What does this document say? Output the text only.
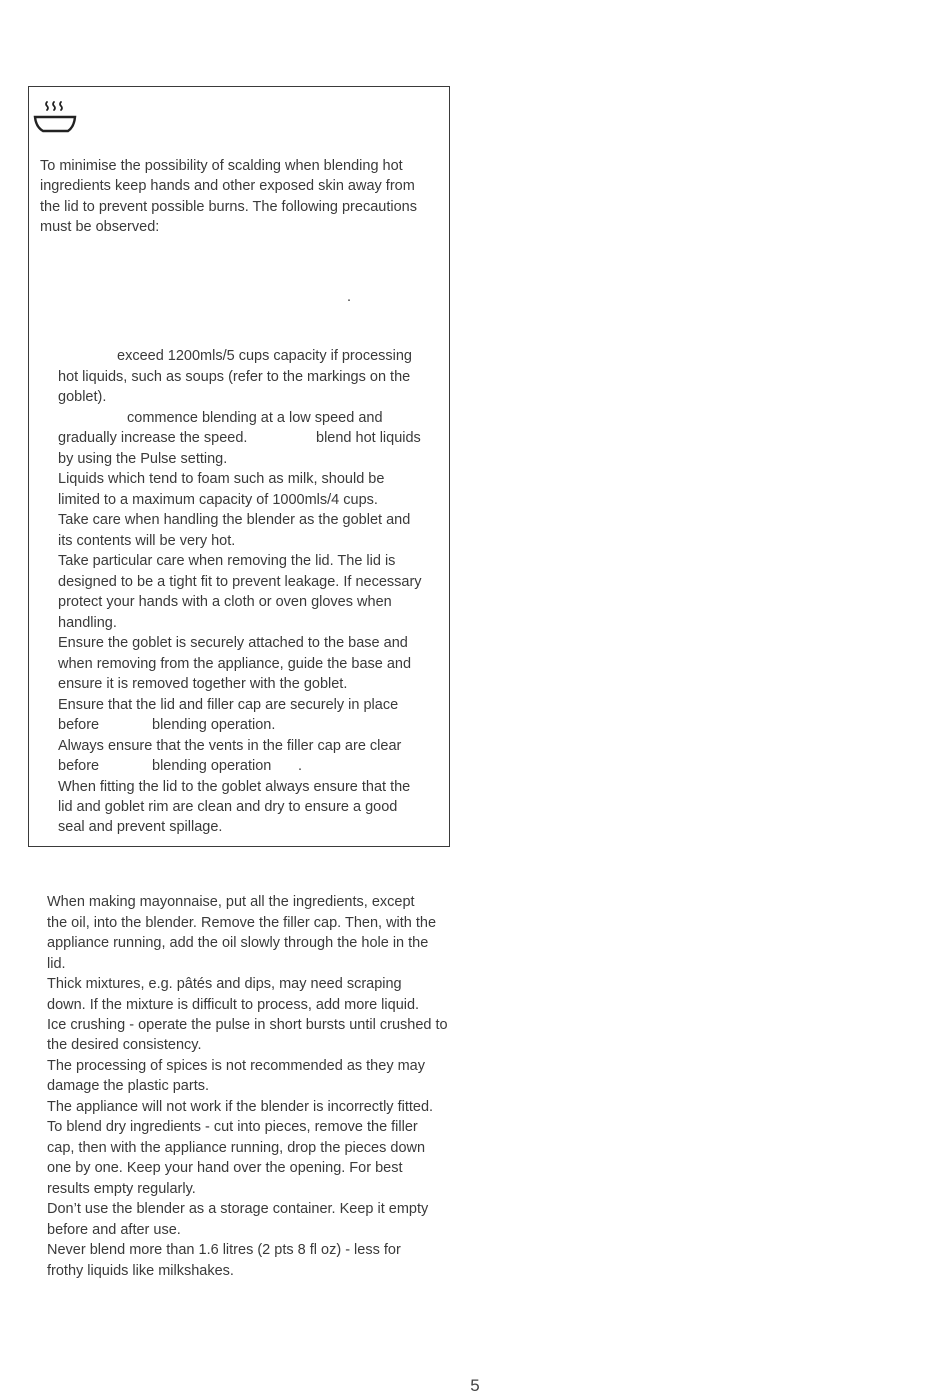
To minimise the possibility of scalding when blending hot
ingredients keep hands and other exposed skin away from
the lid to prevent possible burns. The following precautions
must be observed:
.
exceed 1200mls/5 cups capacity if processing
hot liquids, such as soups (refer to the markings on the
goblet).
commence blending at a low speed and
gradually increase the speed.	blend hot liquids
by using the Pulse setting.
Liquids which tend to foam such as milk, should be
limited to a maximum capacity of 1000mls/4 cups.
Take care when handling the blender as the goblet and
its contents will be very hot.
Take particular care when removing the lid. The lid is
designed to be a tight fit to prevent leakage. If necessary
protect your hands with a cloth or oven gloves when
handling.
Ensure the goblet is securely attached to the base and
when removing from the appliance, guide the base and
ensure it is removed together with the goblet.
Ensure that the lid and filler cap are securely in place
before	blending operation.
Always ensure that the vents in the filler cap are clear
before	blending operation .
When fitting the lid to the goblet always ensure that the
lid and goblet rim are clean and dry to ensure a good
seal and prevent spillage.
When making mayonnaise, put all the ingredients, except
the oil, into the blender. Remove the filler cap. Then, with the
appliance running, add the oil slowly through the hole in the
lid.
Thick mixtures, e.g. pâtés and dips, may need scraping
down. If the mixture is difficult to process, add more liquid.
Ice crushing - operate the pulse in short bursts until crushed to
the desired consistency.
The processing of spices is not recommended as they may
damage the plastic parts.
The appliance will not work if the blender is incorrectly fitted.
To blend dry ingredients - cut into pieces, remove the filler
cap, then with the appliance running, drop the pieces down
one by one. Keep your hand over the opening. For best
results empty regularly.
Don’t use the blender as a storage container. Keep it empty
before and after use.
Never blend more than 1.6 litres (2 pts 8 fl oz) - less for
frothy liquids like milkshakes.
5
